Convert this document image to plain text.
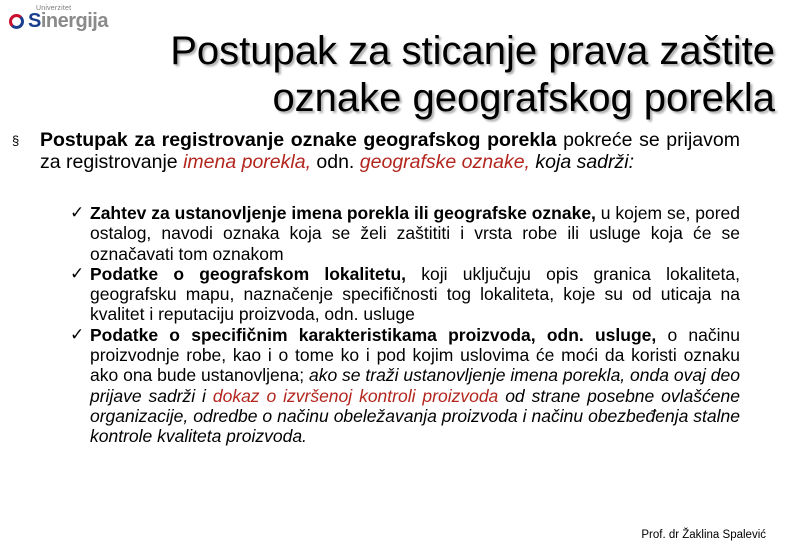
Univerzitet
Sinergija
Postupak za sticanje prava zaštite
oznake geografskog porekla
§ Postupak za registrovanje oznake geografskog porekla pokreće se prijavom za registrovanje imena porekla, odn. geografske oznake, koja sadrži:
✓ Zahtev za ustanovljenje imena porekla ili geografske oznake, u kojem se, pored ostalog, navodi oznaka koja se želi zaštititi i vrsta robe ili usluge koja će se označavati tom oznakom

✓ Podatke o geografskom lokalitetu, koji uključuju opis granica lokaliteta, geografsku mapu, naznačenje specifičnosti tog lokaliteta, koje su od uticaja na kvalitet i reputaciju proizvoda, odn. usluge

✓ Podatke o specifičnim karakteristikama proizvoda, odn. usluge, o načinu proizvodnje robe, kao i o tome ko i pod kojim uslovima će moći da koristi oznaku ako ona bude ustanovljena; ako se traži ustanovljenje imena porekla, onda ovaj deo prijave sadrži i dokaz o izvršenoj kontroli proizvoda od strane posebne ovlašćene organizacije, odredbe o načinu obeležavanja proizvoda i načinu obezbeđenja stalne kontrole kvaliteta proizvoda.

Prof. dr Žaklina Spalević
